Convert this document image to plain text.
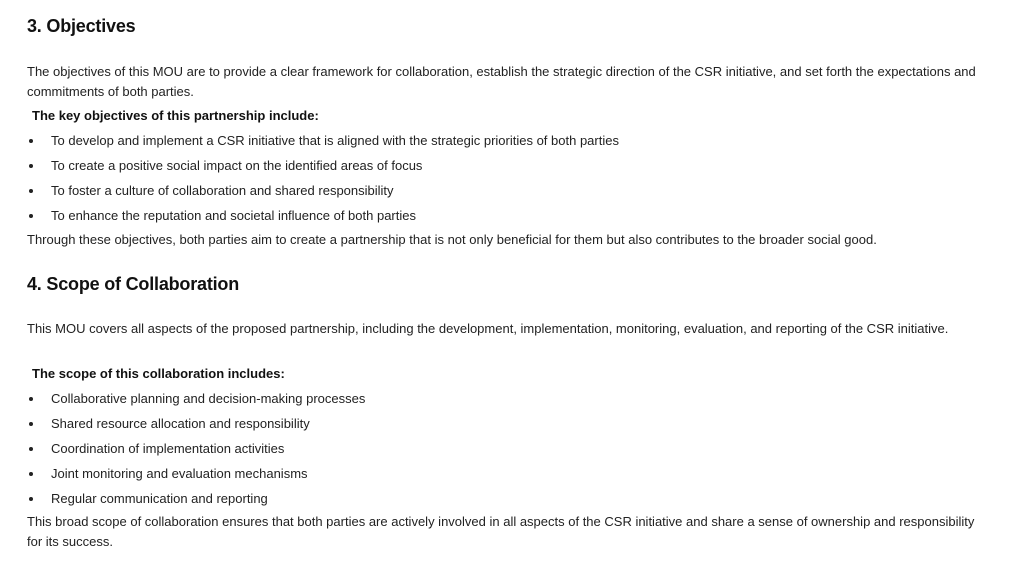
3. Objectives

The objectives of this MOU are to provide a clear framework for collaboration, establish the strategic direction of the CSR initiative, and set forth the expectations and commitments of both parties.

The key objectives of this partnership include:

To develop and implement a CSR initiative that is aligned with the strategic priorities of both parties
To create a positive social impact on the identified areas of focus
To foster a culture of collaboration and shared responsibility
To enhance the reputation and societal influence of both parties

Through these objectives, both parties aim to create a partnership that is not only beneficial for them but also contributes to the broader social good.

4. Scope of Collaboration

This MOU covers all aspects of the proposed partnership, including the development, implementation, monitoring, evaluation, and reporting of the CSR initiative.

The scope of this collaboration includes:

Collaborative planning and decision-making processes
Shared resource allocation and responsibility
Coordination of implementation activities
Joint monitoring and evaluation mechanisms
Regular communication and reporting

This broad scope of collaboration ensures that both parties are actively involved in all aspects of the CSR initiative and share a sense of ownership and responsibility for its success.
